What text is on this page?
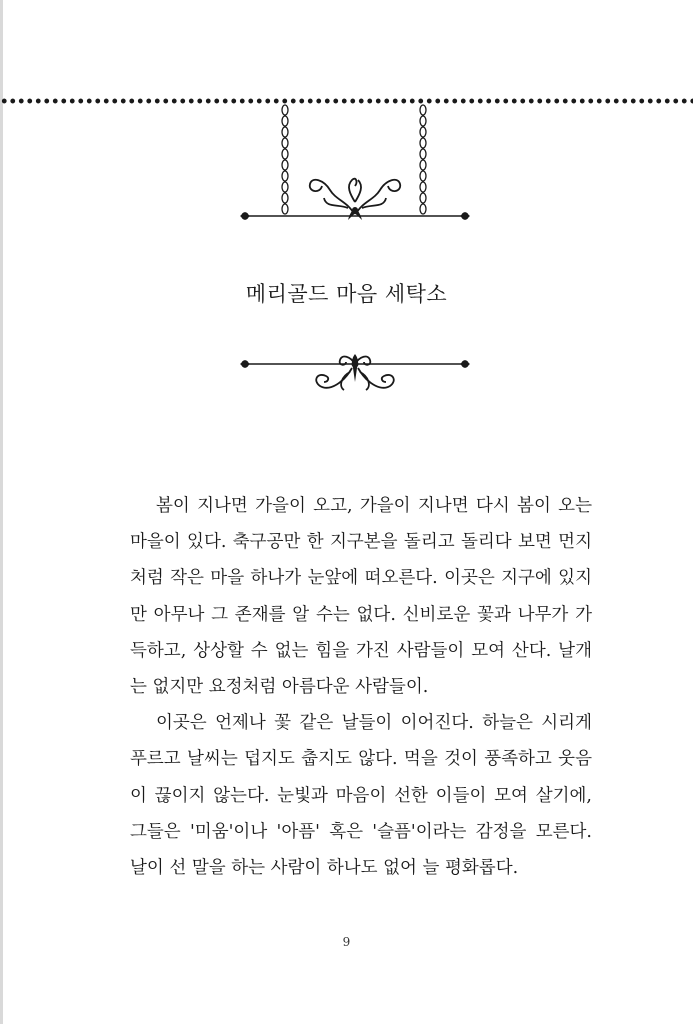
메리골드 마음 세탁소

봄이 지나면 가을이 오고, 가을이 지나면 다시 봄이 오는 마을이 있다. 축구공만 한 지구본을 돌리고 돌리다 보면 먼지처럼 작은 마을 하나가 눈앞에 떠오른다. 이곳은 지구에 있지만 아무나 그 존재를 알 수는 없다. 신비로운 꽃과 나무가 가득하고, 상상할 수 없는 힘을 가진 사람들이 모여 산다. 날개는 없지만 요정처럼 아름다운 사람들이.

이곳은 언제나 꽃 같은 날들이 이어진다. 하늘은 시리게 푸르고 날씨는 덥지도 춥지도 않다. 먹을 것이 풍족하고 웃음이 끊이지 않는다. 눈빛과 마음이 선한 이들이 모여 살기에, 그들은 '미움'이나 '아픔' 혹은 '슬픔'이라는 감정을 모른다. 날이 선 말을 하는 사람이 하나도 없어 늘 평화롭다.

9
